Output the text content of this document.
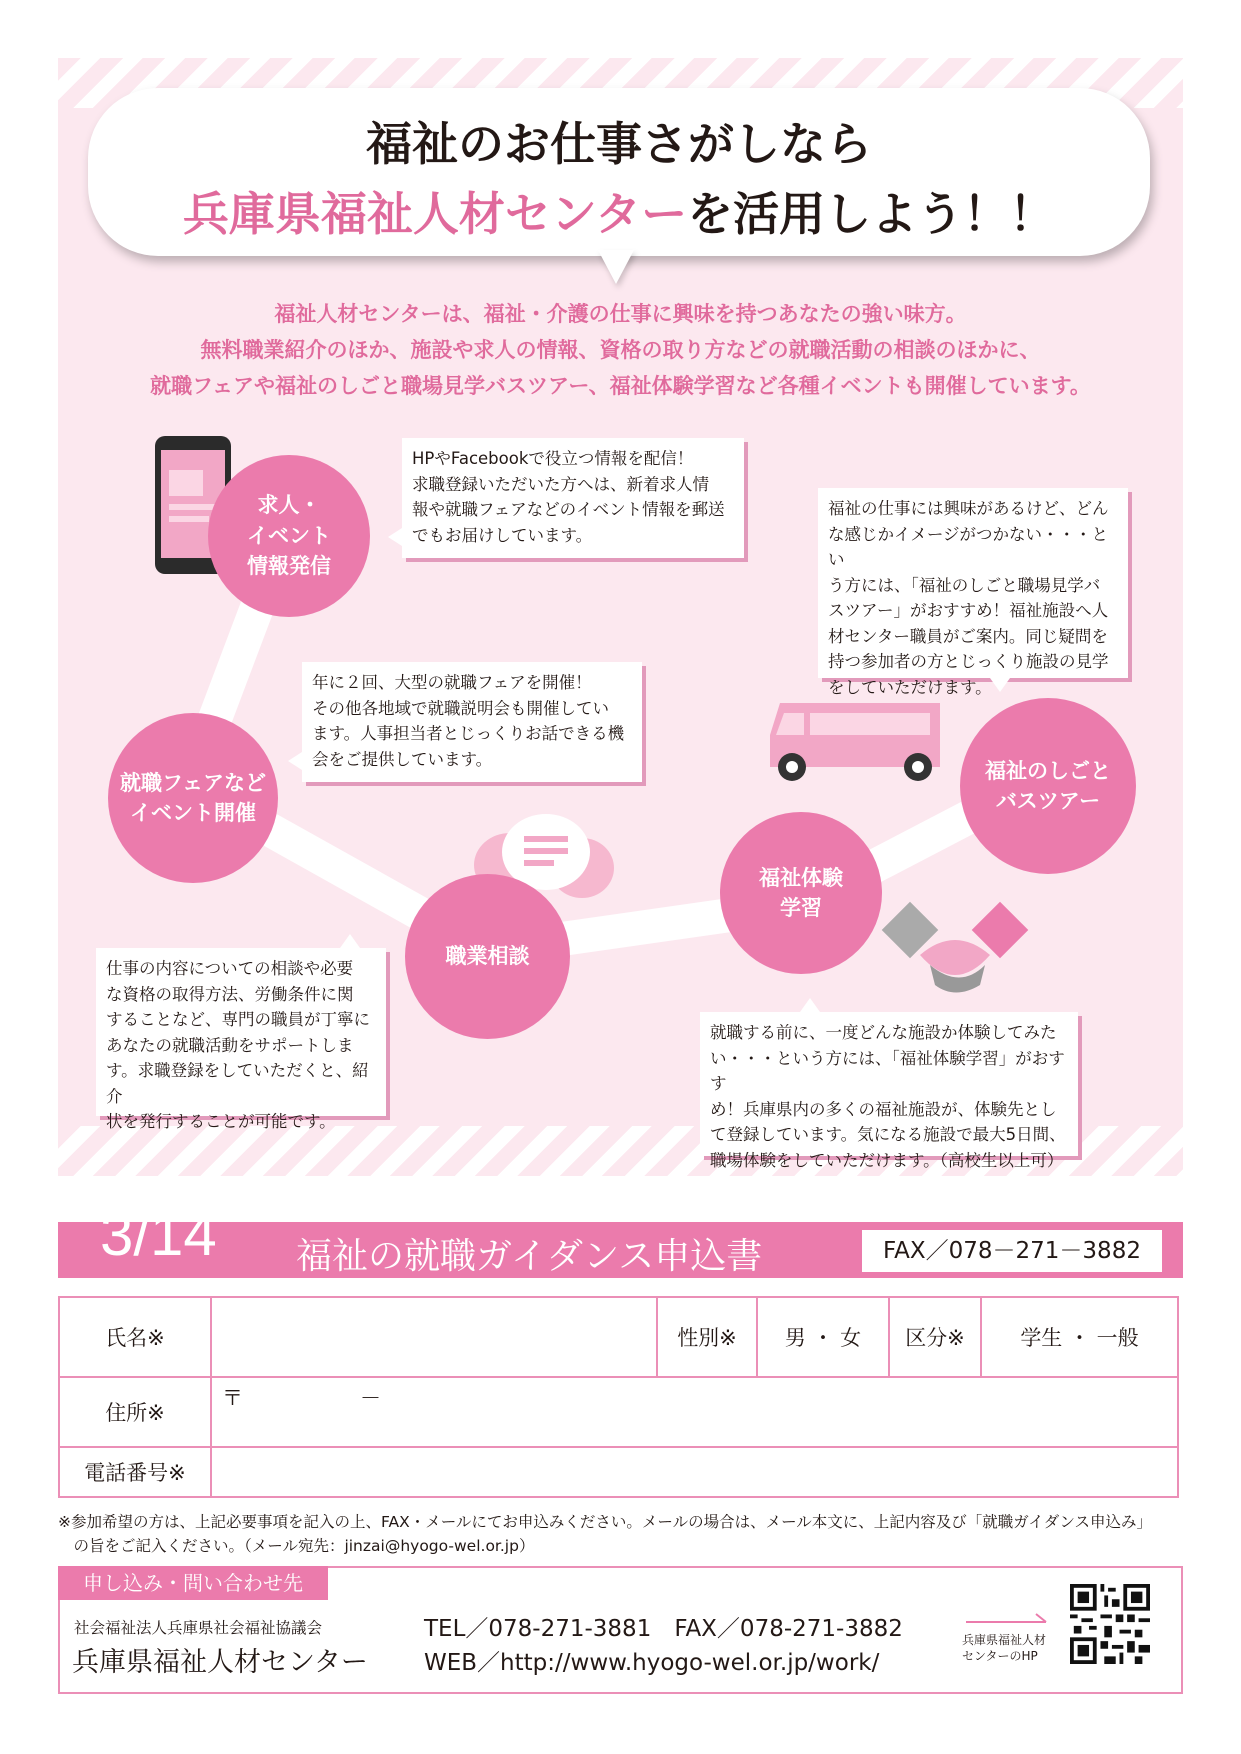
福祉のお仕事さがしなら
兵庫県福祉人材センターを活用しよう！！
福祉人材センターは、福祉・介護の仕事に興味を持つあなたの強い味方。
無料職業紹介のほか、施設や求人の情報、資格の取り方などの就職活動の相談のほかに、
就職フェアや福祉のしごと職場見学バスツアー、福祉体験学習など各種イベントも開催しています。
求人・
イベント
情報発信
就職フェアなど
イベント開催
職業相談
福祉体験
学習
福祉のしごと
バスツアー
HPやFacebookで役立つ情報を配信！
求職登録いただいた方へは、新着求人情
報や就職フェアなどのイベント情報を郵送
でもお届けしています。
年に２回、大型の就職フェアを開催！
その他各地域で就職説明会も開催してい
ます。人事担当者とじっくりお話できる機
会をご提供しています。
仕事の内容についての相談や必要
な資格の取得方法、労働条件に関
することなど、専門の職員が丁寧に
あなたの就職活動をサポートしま
す。求職登録をしていただくと、紹介
状を発行することが可能です。
就職する前に、一度どんな施設か体験してみた
い・・・という方には、「福祉体験学習」がおすす
め！兵庫県内の多くの福祉施設が、体験先とし
て登録しています。気になる施設で最大5日間、
職場体験をしていただけます。（高校生以上可）
福祉の仕事には興味があるけど、どん
な感じかイメージがつかない・・・とい
う方には、「福祉のしごと職場見学バ
スツアー」がおすすめ！福祉施設へ人
材センター職員がご案内。同じ疑問を
持つ参加者の方とじっくり施設の見学
をしていただけます。
3/14 福祉の就職ガイダンス申込書	FAX／078－271－3882
氏名※		性別※	男 ・ 女	区分※	学生 ・ 一般
住所※	〒 －				

電話番号※					
※参加希望の方は、上記必要事項を記入の上、FAX・メールにてお申込みください。メールの場合は、メール本文に、上記内容及び「就職ガイダンス申込み」
　の旨をご記入ください。（メール宛先：jinzai@hyogo-wel.or.jp）
申し込み・問い合わせ先
社会福祉法人兵庫県社会福祉協議会
兵庫県福祉人材センター
TEL／078-271-3881　FAX／078-271-3882
WEB／http://www.hyogo-wel.or.jp/work/
兵庫県福祉人材
センターのHP
